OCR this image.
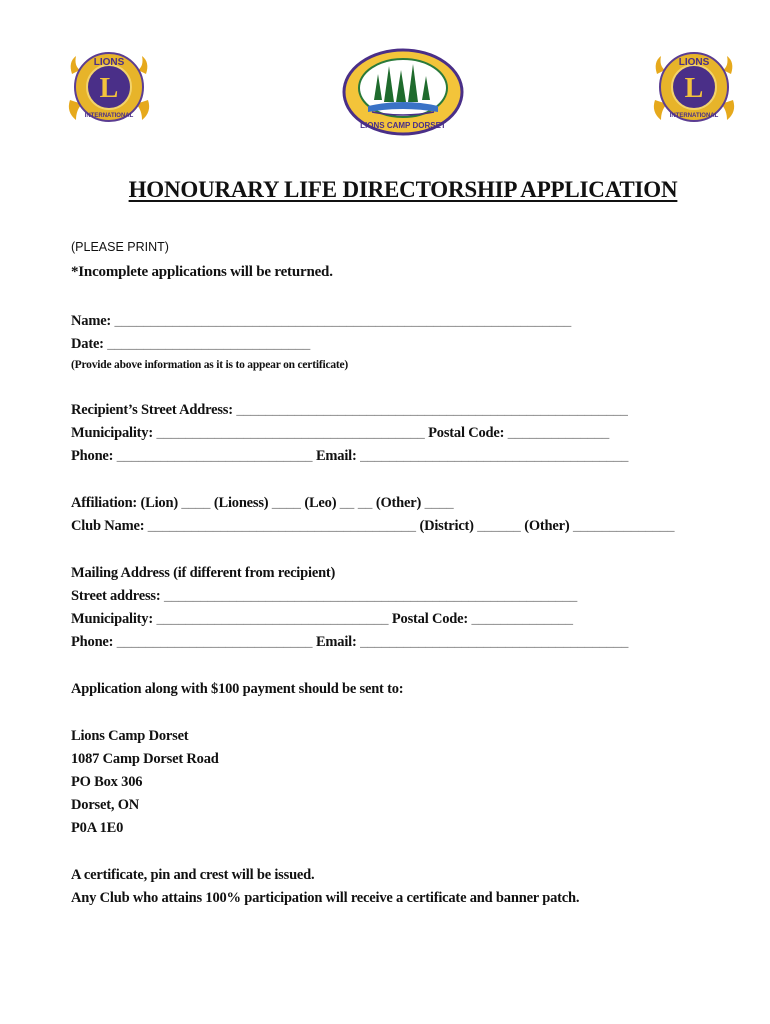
LIONS
INTERNATIONAL
L
LIONS CAMP DORSET
LIONS
INTERNATIONAL
L
HONOURARY LIFE DIRECTORSHIP APPLICATION
(PLEASE PRINT)
*Incomplete applications will be returned.
Name: _______________________________________________________________
Date: ____________________________
(Provide above information as it is to appear on certificate)
Recipient’s Street Address: ______________________________________________________
Municipality: _____________________________________ Postal Code: ______________
Phone: ___________________________ Email: _____________________________________
Affiliation: (Lion) ____ (Lioness) ____ (Leo) __ __ (Other) ____
Club Name: _____________________________________ (District) ______ (Other) ______________
Mailing Address (if different from recipient)
Street address: _________________________________________________________
Municipality: ________________________________ Postal Code: ______________
Phone: ___________________________ Email: _____________________________________
Application along with $100 payment should be sent to:
Lions Camp Dorset
1087 Camp Dorset Road
PO Box 306
Dorset, ON
P0A 1E0
A certificate, pin and crest will be issued.
Any Club who attains 100% participation will receive a certificate and banner patch.
